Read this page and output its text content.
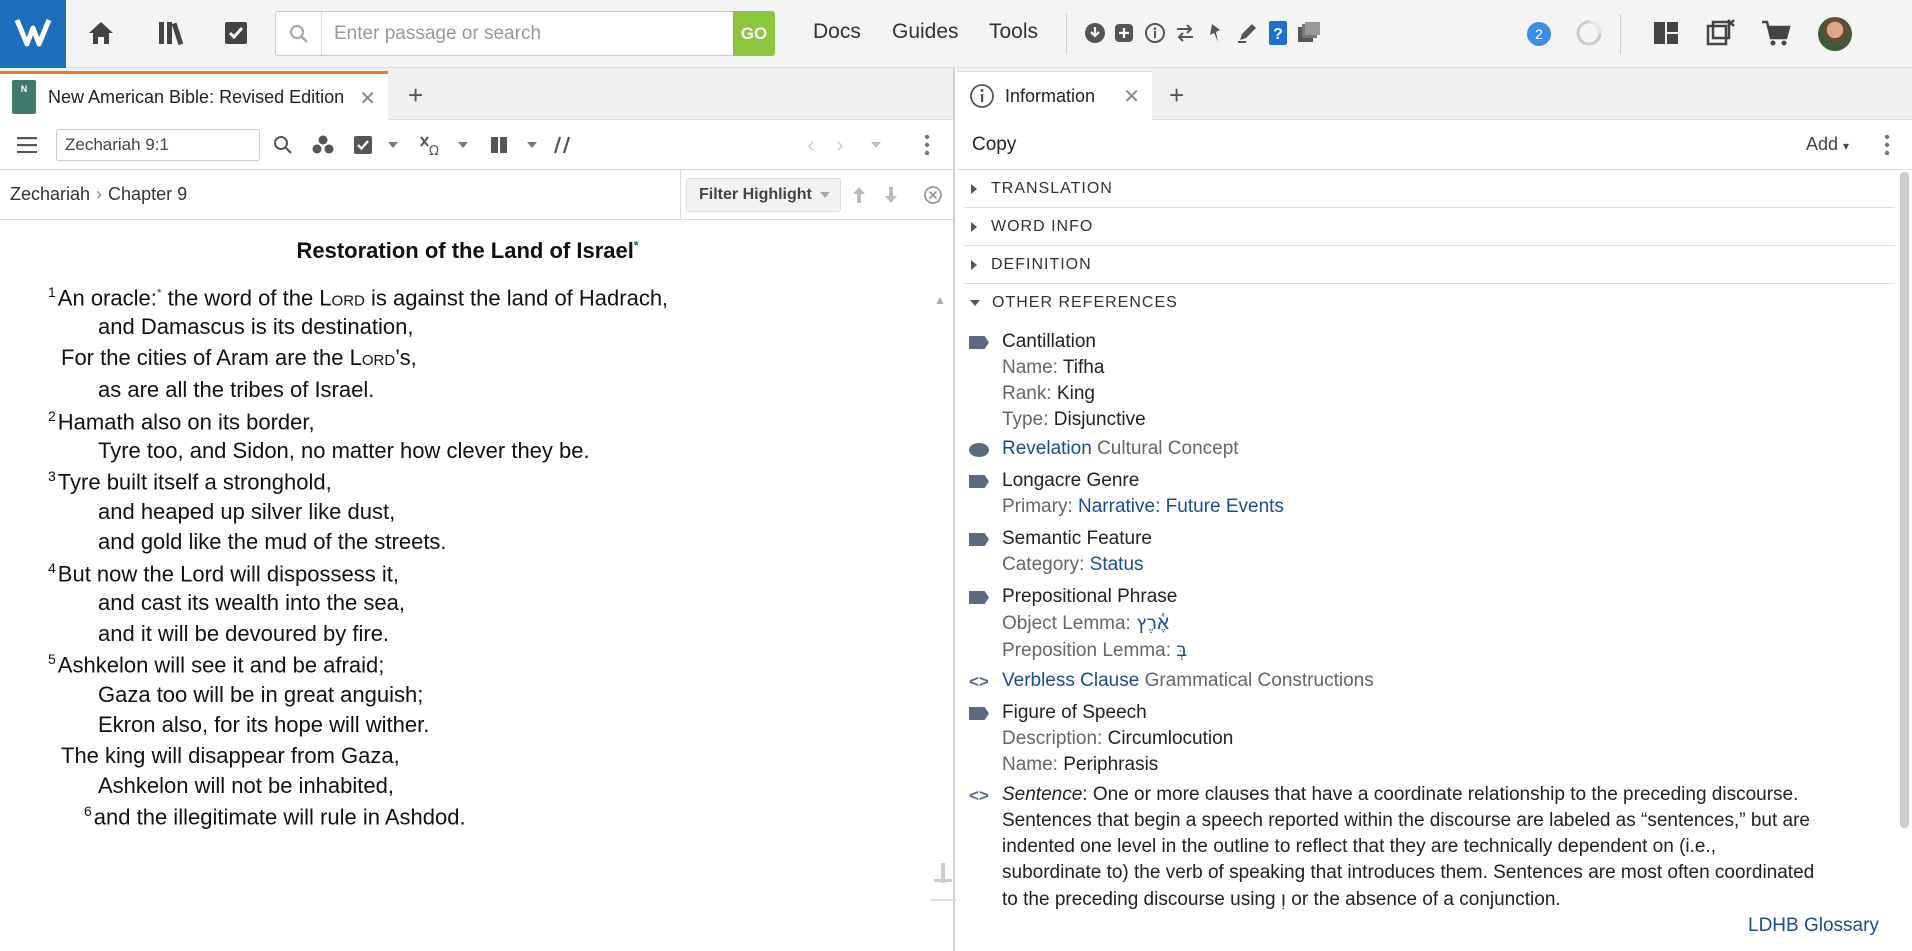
Enter passage or search
GO	Docs Guides Tools	?	2
N	New American Bible: Revised Edition ✕ +
Zechariah 9:1	Ω	‹ ›
Zechariah › Chapter 9	Filter Highlight
Restoration of the Land of Israel*
$^1$An oracle:* the word of the Lord is against the land of Hadrach,
and Damascus is its destination,
For the cities of Aram are the Lord’s,
as are all the tribes of Israel.
$^2$Hamath also on its border,
Tyre too, and Sidon, no matter how clever they be.
$^3$Tyre built itself a stronghold,
and heaped up silver like dust,
and gold like the mud of the streets.
$^4$But now the Lord will dispossess it,
and cast its wealth into the sea,
and it will be devoured by fire.
$^5$Ashkelon will see it and be afraid;
Gaza too will be in great anguish;
Ekron also, for its hope will wither.
The king will disappear from Gaza,
Ashkelon will not be inhabited,
$^6$and the illegitimate will rule in Ashdod.
▲
Information ✕ +
Copy	Add ▾
TRANSLATION
WORD INFO
DEFINITION
OTHER REFERENCES
Cantillation
Name: Tifha
Rank: King
Type: Disjunctive
Revelation Cultural Concept
Longacre Genre
Primary: Narrative: Future Events
Semantic Feature
Category: Status
Prepositional Phrase
Object Lemma: אֶ֫רֶץ
Preposition Lemma: בְּ
<> Verbless Clause Grammatical Constructions
Figure of Speech
Description: Circumlocution
Name: Periphrasis
<> Sentence: One or more clauses that have a coordinate relationship to the preceding discourse.
Sentences that begin a speech reported within the discourse are labeled as “sentences,” but are
indented one level in the outline to reflect that they are technically dependent on (i.e.,
subordinate to) the verb of speaking that introduces them. Sentences are most often coordinated
to the preceding discourse using וְ or the absence of a conjunction.
LDHB Glossary
